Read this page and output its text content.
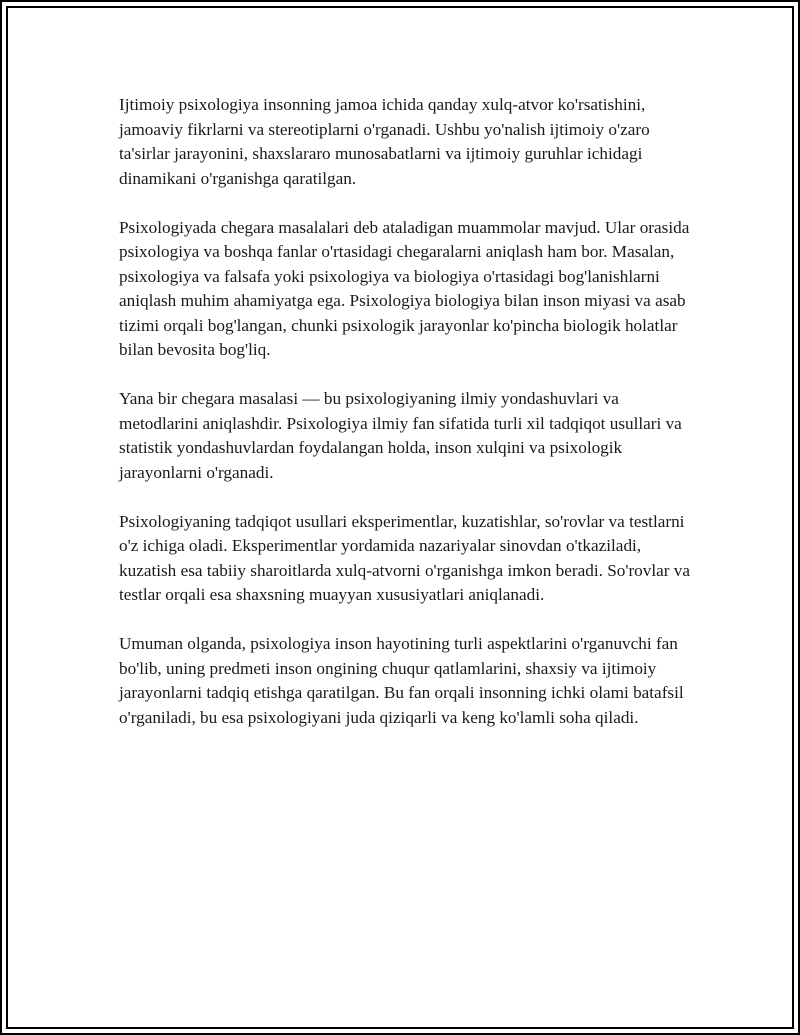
Ijtimoiy psixologiya insonning jamoa ichida qanday xulq-atvor ko'rsatishini, jamoaviy fikrlarni va stereotiplarni o'rganadi. Ushbu yo'nalish ijtimoiy o'zaro ta'sirlar jarayonini, shaxslararo munosabatlarni va ijtimoiy guruhlar ichidagi dinamikani o'rganishga qaratilgan.

Psixologiyada chegara masalalari deb ataladigan muammolar mavjud. Ular orasida psixologiya va boshqa fanlar o'rtasidagi chegaralarni aniqlash ham bor. Masalan, psixologiya va falsafa yoki psixologiya va biologiya o'rtasidagi bog'lanishlarni aniqlash muhim ahamiyatga ega. Psixologiya biologiya bilan inson miyasi va asab tizimi orqali bog'langan, chunki psixologik jarayonlar ko'pincha biologik holatlar bilan bevosita bog'liq.

Yana bir chegara masalasi — bu psixologiyaning ilmiy yondashuvlari va metodlarini aniqlashdir. Psixologiya ilmiy fan sifatida turli xil tadqiqot usullari va statistik yondashuvlardan foydalangan holda, inson xulqini va psixologik jarayonlarni o'rganadi.

Psixologiyaning tadqiqot usullari eksperimentlar, kuzatishlar, so'rovlar va testlarni o'z ichiga oladi. Eksperimentlar yordamida nazariyalar sinovdan o'tkaziladi, kuzatish esa tabiiy sharoitlarda xulq-atvorni o'rganishga imkon beradi. So'rovlar va testlar orqali esa shaxsning muayyan xususiyatlari aniqlanadi.

Umuman olganda, psixologiya inson hayotining turli aspektlarini o'rganuvchi fan bo'lib, uning predmeti inson ongining chuqur qatlamlarini, shaxsiy va ijtimoiy jarayonlarni tadqiq etishga qaratilgan. Bu fan orqali insonning ichki olami batafsil o'rganiladi, bu esa psixologiyani juda qiziqarli va keng ko'lamli soha qiladi.
